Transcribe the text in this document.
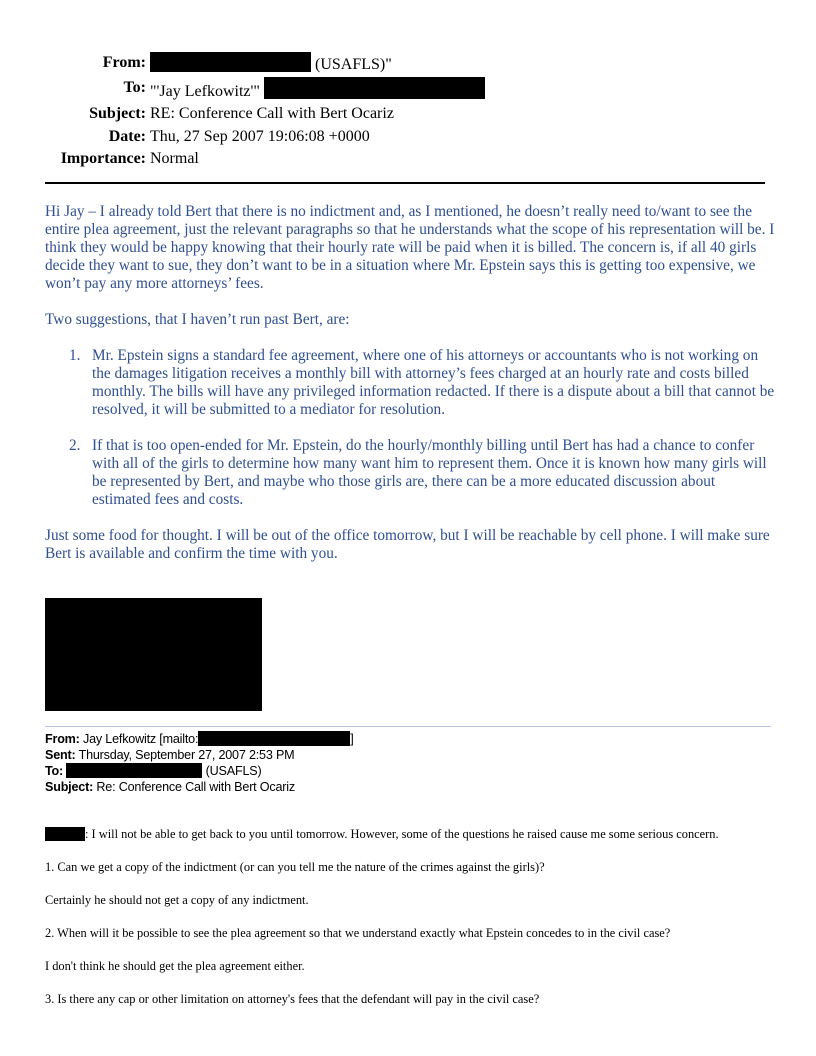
From:	(USAFLS)"
To: "'Jay Lefkowitz'"
Subject: RE: Conference Call with Bert Ocariz
Date: Thu, 27 Sep 2007 19:06:08 +0000
Importance: Normal

Hi Jay – I already told Bert that there is no indictment and, as I mentioned, he doesn’t really need to/want to see the entire plea agreement, just the relevant paragraphs so that he understands what the scope of his representation will be. I think they would be happy knowing that their hourly rate will be paid when it is billed. The concern is, if all 40 girls decide they want to sue, they don’t want to be in a situation where Mr. Epstein says this is getting too expensive, we won’t pay any more attorneys’ fees.

Two suggestions, that I haven’t run past Bert, are:

1. Mr. Epstein signs a standard fee agreement, where one of his attorneys or accountants who is not working on the damages litigation receives a monthly bill with attorney’s fees charged at an hourly rate and costs billed monthly. The bills will have any privileged information redacted. If there is a dispute about a bill that cannot be resolved, it will be submitted to a mediator for resolution.
2. If that is too open-ended for Mr. Epstein, do the hourly/monthly billing until Bert has had a chance to confer with all of the girls to determine how many want him to represent them. Once it is known how many girls will be represented by Bert, and maybe who those girls are, there can be a more educated discussion about estimated fees and costs.

Just some food for thought. I will be out of the office tomorrow, but I will be reachable by cell phone. I will make sure Bert is available and confirm the time with you.

From: Jay Lefkowitz [mailto:	]
Sent: Thursday, September 27, 2007 2:53 PM
To:	(USAFLS)
Subject: Re: Conference Call with Bert Ocariz

: I will not be able to get back to you until tomorrow. However, some of the questions he raised cause me some serious concern.

1. Can we get a copy of the indictment (or can you tell me the nature of the crimes against the girls)?

Certainly he should not get a copy of any indictment.

2. When will it be possible to see the plea agreement so that we understand exactly what Epstein concedes to in the civil case?

I don't think he should get the plea agreement either.

3. Is there any cap or other limitation on attorney's fees that the defendant will pay in the civil case?
